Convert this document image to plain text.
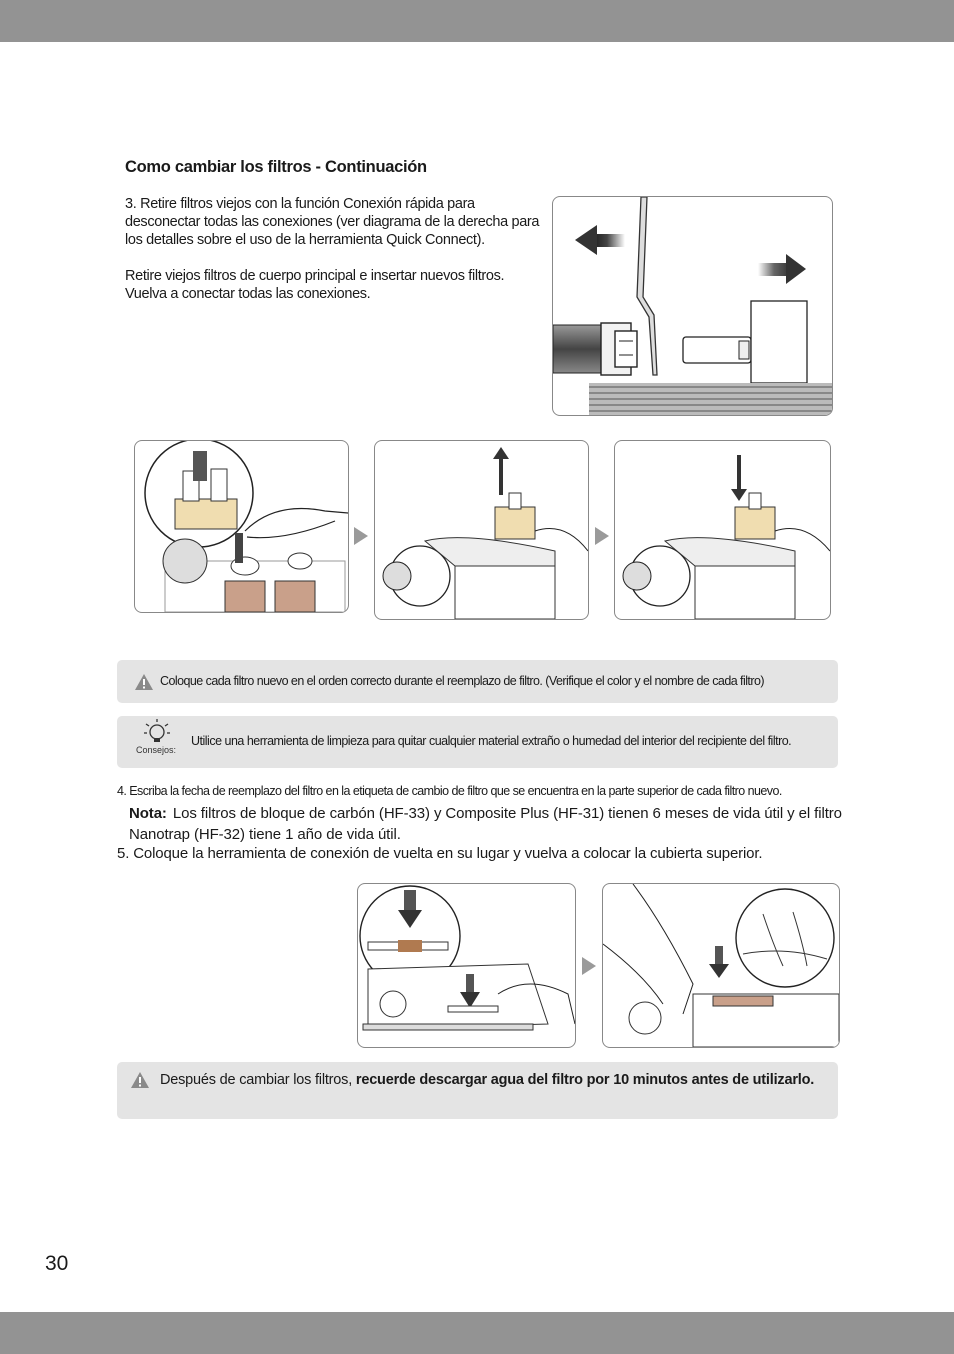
Como cambiar los filtros - Continuación

3. Retire filtros viejos con la función Conexión rápida para desconectar todas las conexiones (ver diagrama de la derecha para los detalles sobre el uso de la herramienta Quick Connect).

Retire viejos filtros de cuerpo principal e insertar nuevos filtros. Vuelva a conectar todas las conexiones.

Coloque cada filtro nuevo en el orden correcto durante el reemplazo de filtro. (Verifique el color y el nombre de cada filtro)
Consejos:
Utilice una herramienta de limpieza para quitar cualquier material extraño o humedad del interior del recipiente del filtro.
4. Escriba la fecha de reemplazo del filtro en la etiqueta de cambio de filtro que se encuentra en la parte superior de cada filtro nuevo.
Nota: Los filtros de bloque de carbón (HF-33) y Composite Plus (HF-31) tienen 6 meses de vida útil y el filtro Nanotrap (HF-32) tiene 1 año de vida útil.
5. Coloque la herramienta de conexión de vuelta en su lugar y vuelva a colocar la cubierta superior.
Después de cambiar los filtros, recuerde descargar agua del filtro por 10 minutos antes de utilizarlo.
30
